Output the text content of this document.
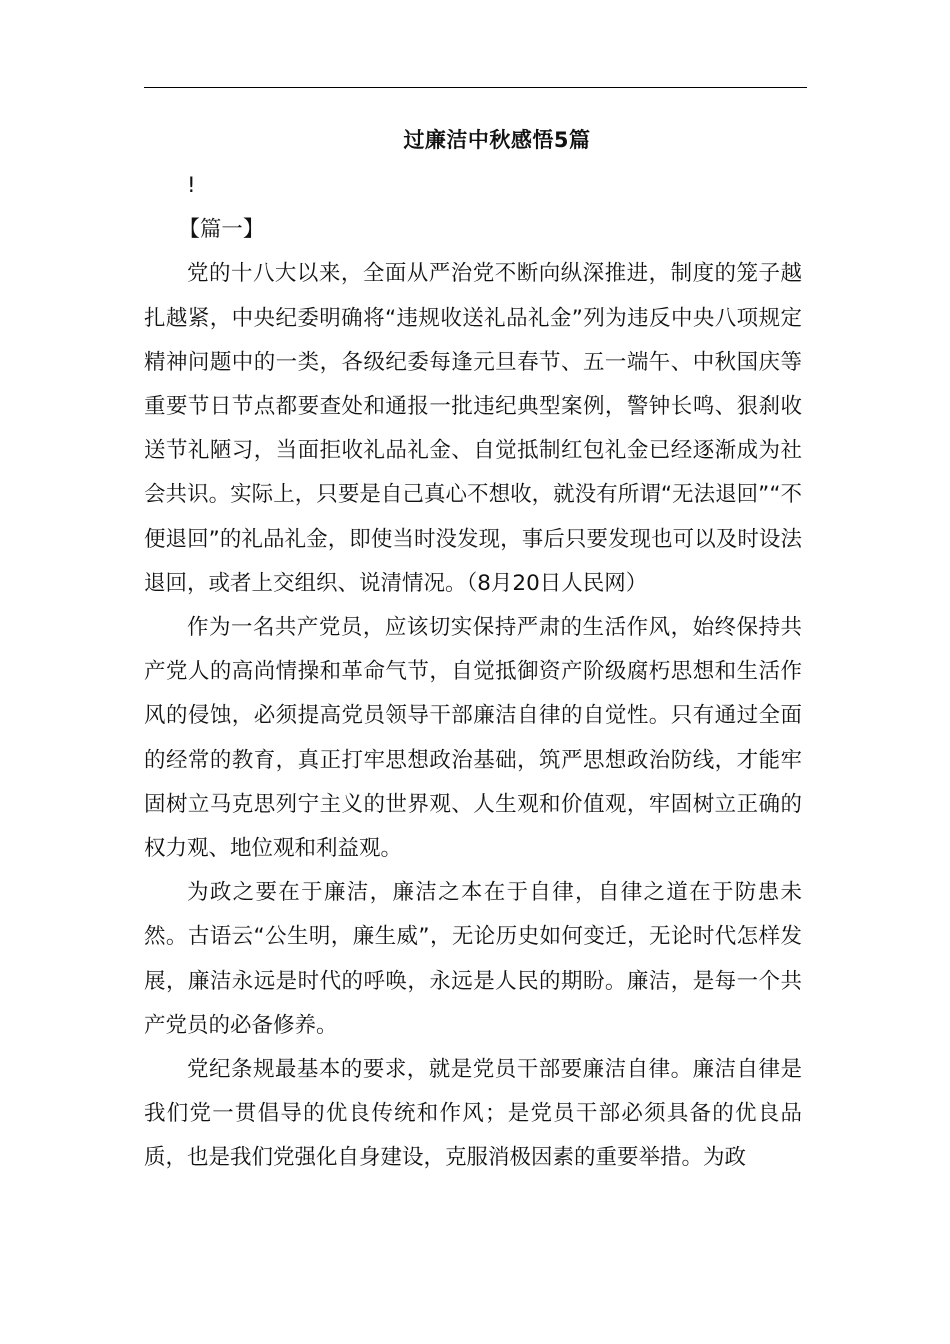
过廉洁中秋感悟5篇

!

【篇一】

党的十八大以来，全面从严治党不断向纵深推进，制度的笼子越扎越紧，中央纪委明确将“违规收送礼品礼金”列为违反中央八项规定精神问题中的一类，各级纪委每逢元旦春节、五一端午、中秋国庆等重要节日节点都要查处和通报一批违纪典型案例，警钟长鸣、狠刹收送节礼陋习，当面拒收礼品礼金、自觉抵制红包礼金已经逐渐成为社会共识。实际上，只要是自己真心不想收，就没有所谓“无法退回”“不便退回”的礼品礼金，即使当时没发现，事后只要发现也可以及时设法退回，或者上交组织、说清情况。（8月20日人民网）

作为一名共产党员，应该切实保持严肃的生活作风，始终保持共产党人的高尚情操和革命气节，自觉抵御资产阶级腐朽思想和生活作风的侵蚀，必须提高党员领导干部廉洁自律的自觉性。只有通过全面的经常的教育，真正打牢思想政治基础，筑严思想政治防线，才能牢固树立马克思列宁主义的世界观、人生观和价值观，牢固树立正确的权力观、地位观和利益观。

为政之要在于廉洁，廉洁之本在于自律，自律之道在于防患未然。古语云“公生明，廉生威”，无论历史如何变迁，无论时代怎样发展，廉洁永远是时代的呼唤，永远是人民的期盼。廉洁，是每一个共产党员的必备修养。

党纪条规最基本的要求，就是党员干部要廉洁自律。廉洁自律是我们党一贯倡导的优良传统和作风；是党员干部必须具备的优良品质，也是我们党强化自身建设，克服消极因素的重要举措。为政
